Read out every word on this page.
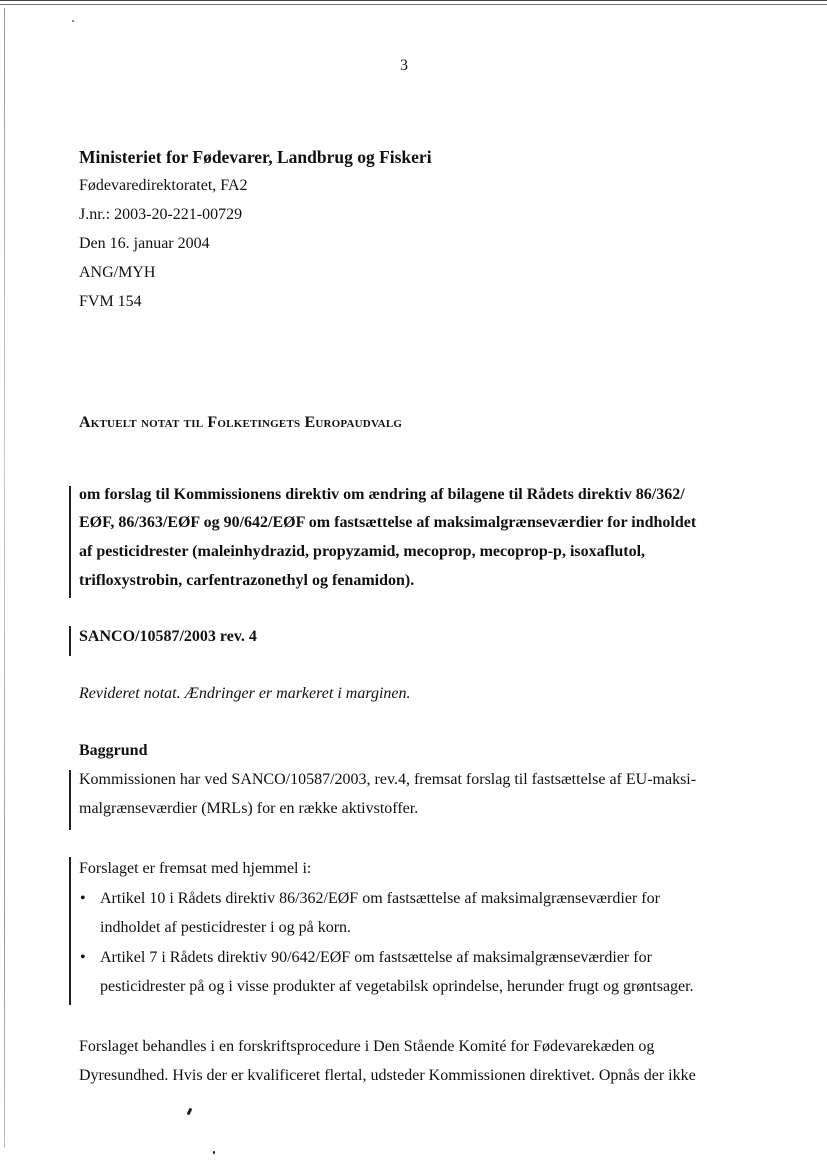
3
Ministeriet for Fødevarer, Landbrug og Fiskeri
Fødevaredirektoratet, FA2
J.nr.: 2003-20-221-00729
Den 16. januar 2004
ANG/MYH
FVM 154
Aktuelt notat til Folketingets Europaudvalg
om forslag til Kommissionens direktiv om ændring af bilagene til Rådets direktiv 86/362/
EØF, 86/363/EØF og 90/642/EØF om fastsættelse af maksimalgrænseværdier for indholdet
af pesticidrester (maleinhydrazid, propyzamid, mecoprop, mecoprop-p, isoxaflutol,
trifloxystrobin, carfentrazonethyl og fenamidon).
SANCO/10587/2003 rev. 4
Revideret notat. Ændringer er markeret i marginen.
Baggrund
Kommissionen har ved SANCO/10587/2003, rev.4, fremsat forslag til fastsættelse af EU-maksi-
malgrænseværdier (MRLs) for en række aktivstoffer.
Forslaget er fremsat med hjemmel i:
• Artikel 10 i Rådets direktiv 86/362/EØF om fastsættelse af maksimalgrænseværdier for
indholdet af pesticidrester i og på korn.
• Artikel 7 i Rådets direktiv 90/642/EØF om fastsættelse af maksimalgrænseværdier for
pesticidrester på og i visse produkter af vegetabilsk oprindelse, herunder frugt og grøntsager.
Forslaget behandles i en forskriftsprocedure i Den Stående Komité for Fødevarekæden og
Dyresundhed. Hvis der er kvalificeret flertal, udsteder Kommissionen direktivet. Opnås der ikke
